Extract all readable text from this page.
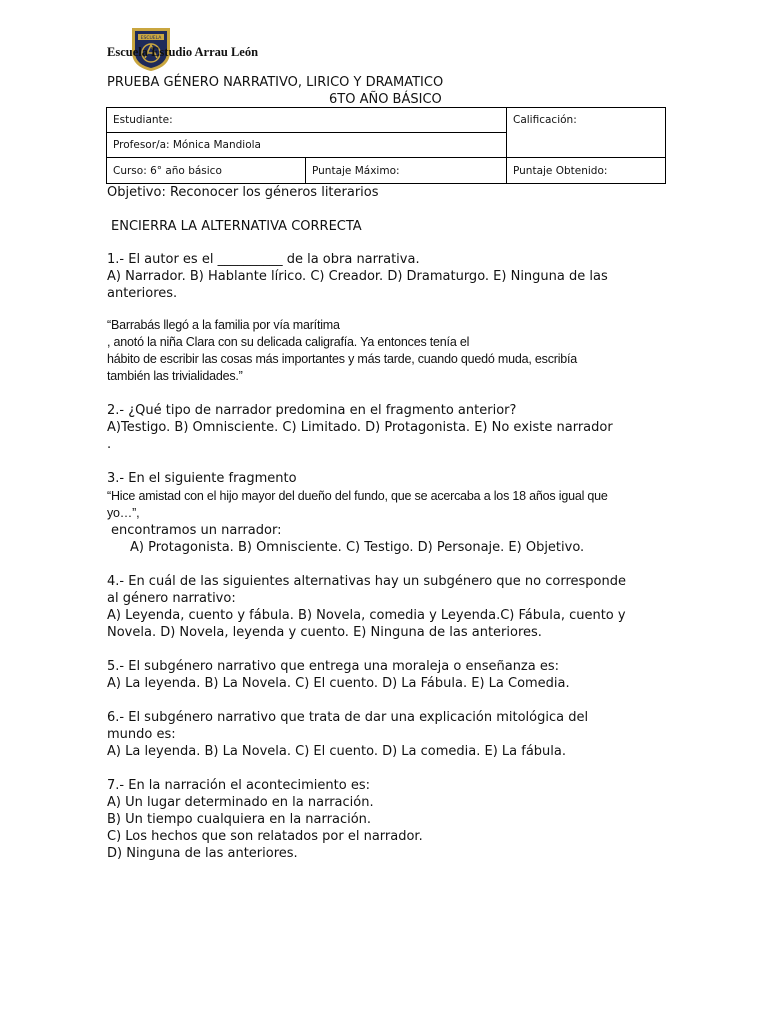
ESCUELA
Escuela Estudio Arrau León
PRUEBA GÉNERO NARRATIVO, LIRICO Y DRAMATICO
6TO AÑO BÁSICO
Estudiante:		Calificación:
Profesor/a: Mónica Mandiola		
Curso: 6° año básico	Puntaje Máximo:	Puntaje Obtenido:
Objetivo: Reconocer los géneros literarios
ENCIERRA LA ALTERNATIVA CORRECTA
1.- El autor es el __________ de la obra narrativa.
A) Narrador. B) Hablante lírico. C) Creador. D) Dramaturgo. E) Ninguna de las
anteriores.
“Barrabás llegó a la familia por vía marítima
, anotó la niña Clara con su delicada caligrafía. Ya entonces tenía el
hábito de escribir las cosas más importantes y más tarde, cuando quedó muda, escribía
también las trivialidades.”
2.- ¿Qué tipo de narrador predomina en el fragmento anterior?
A)Testigo. B) Omnisciente. C) Limitado. D) Protagonista. E) No existe narrador
.
3.- En el siguiente fragmento
“Hice amistad con el hijo mayor del dueño del fundo, que se acercaba a los 18 años igual que
yo…”,
encontramos un narrador:
A) Protagonista. B) Omnisciente. C) Testigo. D) Personaje. E) Objetivo.
4.- En cuál de las siguientes alternativas hay un subgénero que no corresponde
al género narrativo:
A) Leyenda, cuento y fábula. B) Novela, comedia y Leyenda.C) Fábula, cuento y
Novela. D) Novela, leyenda y cuento. E) Ninguna de las anteriores.
5.- El subgénero narrativo que entrega una moraleja o enseñanza es:
A) La leyenda. B) La Novela. C) El cuento. D) La Fábula. E) La Comedia.
6.- El subgénero narrativo que trata de dar una explicación mitológica del
mundo es:
A) La leyenda. B) La Novela. C) El cuento. D) La comedia. E) La fábula.
7.- En la narración el acontecimiento es:
A) Un lugar determinado en la narración.
B) Un tiempo cualquiera en la narración.
C) Los hechos que son relatados por el narrador.
D) Ninguna de las anteriores.
